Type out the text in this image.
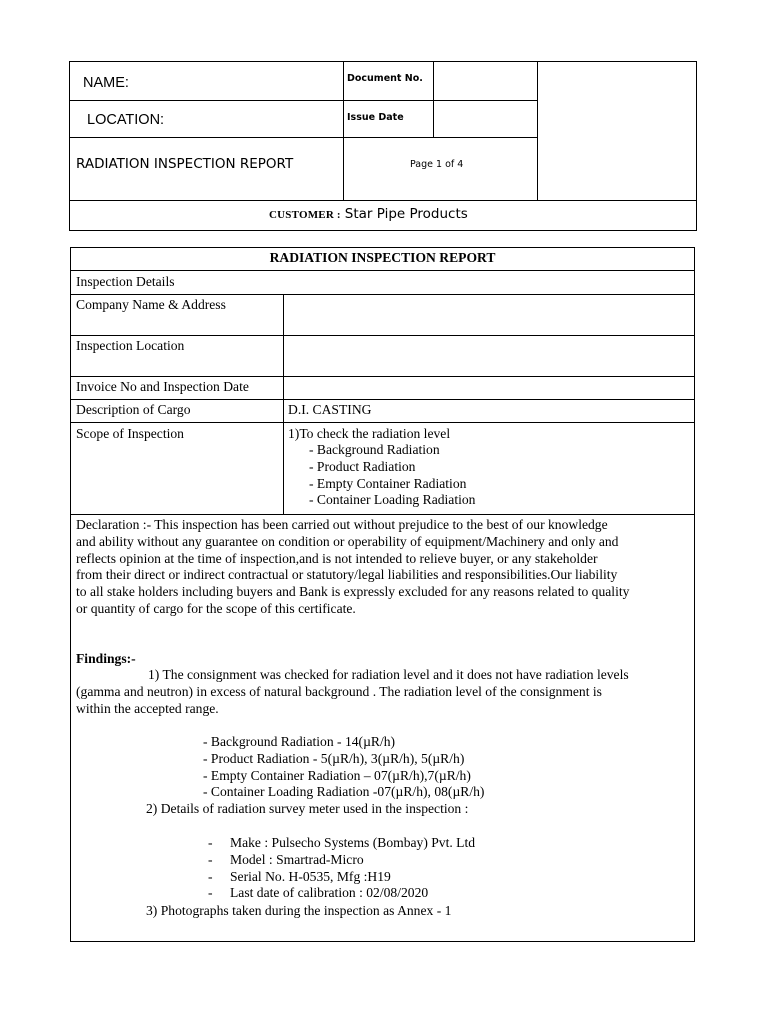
NAME:
LOCATION:
RADIATION INSPECTION REPORT
Document No.
Issue Date
Page 1 of 4
CUSTOMER : Star Pipe Products
RADIATION INSPECTION REPORT
Inspection Details
Company Name & Address
Inspection Location
Invoice No and Inspection Date
Description of Cargo	D.I. CASTING
Scope of Inspection	1)To check the radiation level
- Background Radiation
- Product Radiation
- Empty Container Radiation
- Container Loading Radiation
Declaration :- This inspection has been carried out without prejudice to the best of our knowledge
and ability without any guarantee on condition or operability of equipment/Machinery and only and
reflects opinion at the time of inspection,and is not intended to relieve buyer, or any stakeholder
from their direct or indirect contractual or statutory/legal liabilities and responsibilities.Our liability
to all stake holders including buyers and Bank is expressly excluded for any reasons related to quality
or quantity of cargo for the scope of this certificate.
Findings:-
1) The consignment was checked for radiation level and it does not have radiation levels
(gamma and neutron) in excess of natural background . The radiation level of the consignment is
within the accepted range.
- Background Radiation - 14(µR/h)
- Product Radiation - 5(µR/h), 3(µR/h), 5(µR/h)
- Empty Container Radiation – 07(µR/h),7(µR/h)
- Container Loading Radiation -07(µR/h), 08(µR/h)
2) Details of radiation survey meter used in the inspection :
- Make : Pulsecho Systems (Bombay) Pvt. Ltd
- Model : Smartrad-Micro
- Serial No. H-0535, Mfg :H19
- Last date of calibration : 02/08/2020
3) Photographs taken during the inspection as Annex - 1
